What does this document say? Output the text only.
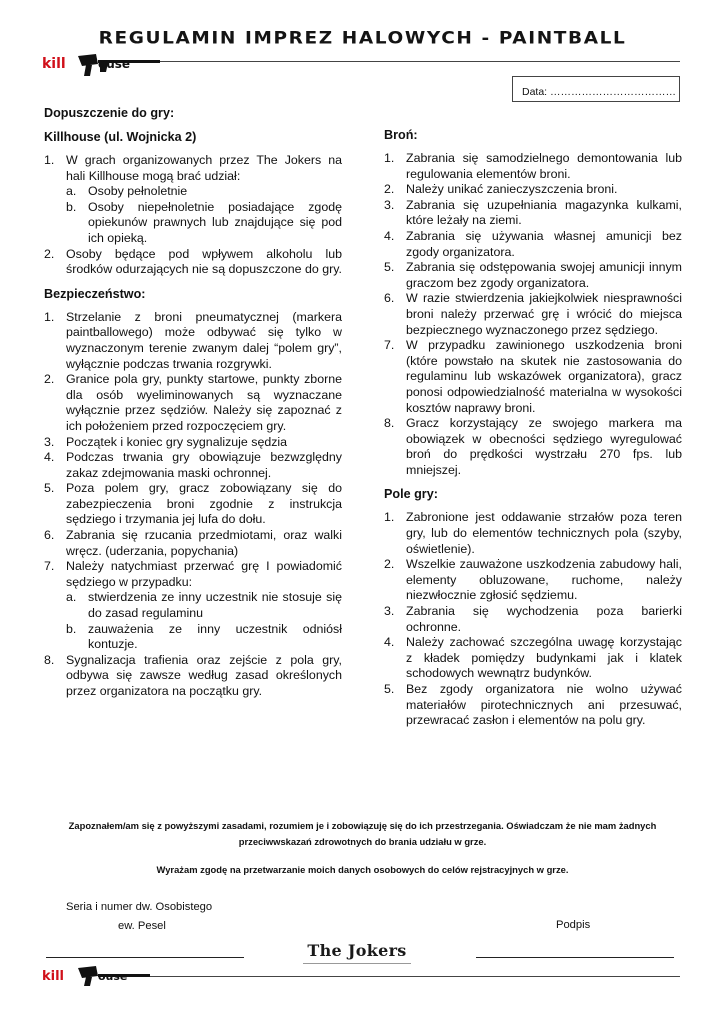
REGULAMIN IMPREZ HALOWYCH - PAINTBALL
kill	ouse
Data: ………………………………

Dopuszczenie do gry:

Killhouse (ul. Wojnicka 2)

1. W grach organizowanych przez The Jokers na hali Killhouse mogą brać udział:
a. Osoby pełnoletnie
b. Osoby niepełnoletnie posiadające zgodę opiekunów prawnych lub znajdujące się pod ich opieką.
2. Osoby będące pod wpływem alkoholu lub środków odurzających nie są dopuszczone do gry.

Bezpieczeństwo:

1. Strzelanie z broni pneumatycznej (markera paintballowego) może odbywać się tylko w wyznaczonym terenie zwanym dalej “polem gry”, wyłącznie podczas trwania rozgrywki.
2. Granice pola gry, punkty startowe, punkty zborne dla osób wyeliminowanych są wyznaczane wyłącznie przez sędziów. Należy się zapoznać z ich położeniem przed rozpoczęciem gry.
3. Początek i koniec gry sygnalizuje sędzia
4. Podczas trwania gry obowiązuje bezwzględny zakaz zdejmowania maski ochronnej.
5. Poza polem gry, gracz zobowiązany się do zabezpieczenia broni zgodnie z instrukcja sędziego i trzymania jej lufa do dołu.
6. Zabrania się rzucania przedmiotami, oraz walki wręcz. (uderzania, popychania)
7. Należy natychmiast przerwać grę I powiadomić sędziego w przypadku:
a. stwierdzenia ze inny uczestnik nie stosuje się do zasad regulaminu
b. zauważenia ze inny uczestnik odniósł kontuzje.
8. Sygnalizacja trafienia oraz zejście z pola gry, odbywa się zawsze według zasad określonych przez organizatora na początku gry.

Broń:

1. Zabrania się samodzielnego demontowania lub regulowania elementów broni.
2. Należy unikać zanieczyszczenia broni.
3. Zabrania się uzupełniania magazynka kulkami, które leżały na ziemi.
4. Zabrania się używania własnej amunicji bez zgody organizatora.
5. Zabrania się odstępowania swojej amunicji innym graczom bez zgody organizatora.
6. W razie stwierdzenia jakiejkolwiek niesprawności broni należy przerwać grę i wrócić do miejsca bezpiecznego wyznaczonego przez sędziego.
7. W przypadku zawinionego uszkodzenia broni (które powstało na skutek nie zastosowania do regulaminu lub wskazówek organizatora), gracz ponosi odpowiedzialność materialna w wysokości kosztów naprawy broni.
8. Gracz korzystający ze swojego markera ma obowiązek w obecności sędziego wyregulować broń do prędkości wystrzału 270 fps. lub mniejszej.

Pole gry:

1. Zabronione jest oddawanie strzałów poza teren gry, lub do elementów technicznych pola (szyby, oświetlenie).
2. Wszelkie zauważone uszkodzenia zabudowy hali, elementy obluzowane, ruchome, należy niezwłocznie zgłosić sędziemu.
3. Zabrania się wychodzenia poza barierki ochronne.
4. Należy zachować szczególna uwagę korzystając z kładek pomiędzy budynkami jak i klatek schodowych wewnątrz budynków.
5. Bez zgody organizatora nie wolno używać materiałów pirotechnicznych ani przesuwać, przewracać zasłon i elementów na polu gry.
Zapoznałem/am się z powyższymi zasadami, rozumiem je i zobowiązuję się do ich przestrzegania. Oświadczam że nie mam żadnych przeciwwskazań zdrowotnych do brania udziału w grze.
Wyrażam zgodę na przetwarzanie moich danych osobowych do celów rejstracyjnych w grze.
Seria i numer dw. Osobistego
ew. Pesel	Podpis
The Jokers
kill	ouse
